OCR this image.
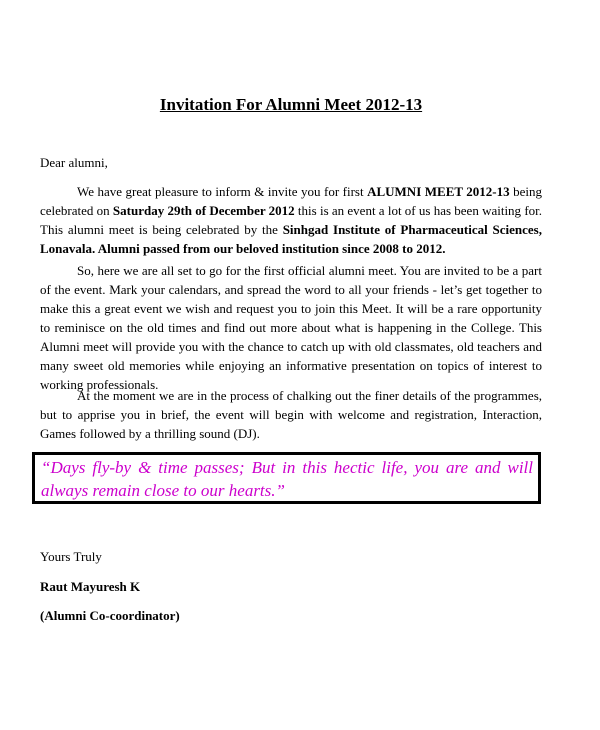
Invitation For Alumni Meet 2012-13
Dear alumni,
We have great pleasure to inform & invite you for first ALUMNI MEET 2012-13 being celebrated on Saturday 29th of December 2012 this is an event a lot of us has been waiting for. This alumni meet is being celebrated by the Sinhgad Institute of Pharmaceutical Sciences, Lonavala. Alumni passed from our beloved institution since 2008 to 2012.
So, here we are all set to go for the first official alumni meet. You are invited to be a part of the event. Mark your calendars, and spread the word to all your friends - let’s get together to make this a great event we wish and request you to join this Meet. It will be a rare opportunity to reminisce on the old times and find out more about what is happening in the College. This Alumni meet will provide you with the chance to catch up with old classmates, old teachers and many sweet old memories while enjoying an informative presentation on topics of interest to working professionals.
At the moment we are in the process of chalking out the finer details of the programmes, but to apprise you in brief, the event will begin with welcome and registration, Interaction, Games followed by a thrilling sound (DJ).
“Days fly-by & time passes; But in this hectic life, you are and will always remain close to our hearts.”
Yours Truly
Raut Mayuresh K
(Alumni Co-coordinator)
